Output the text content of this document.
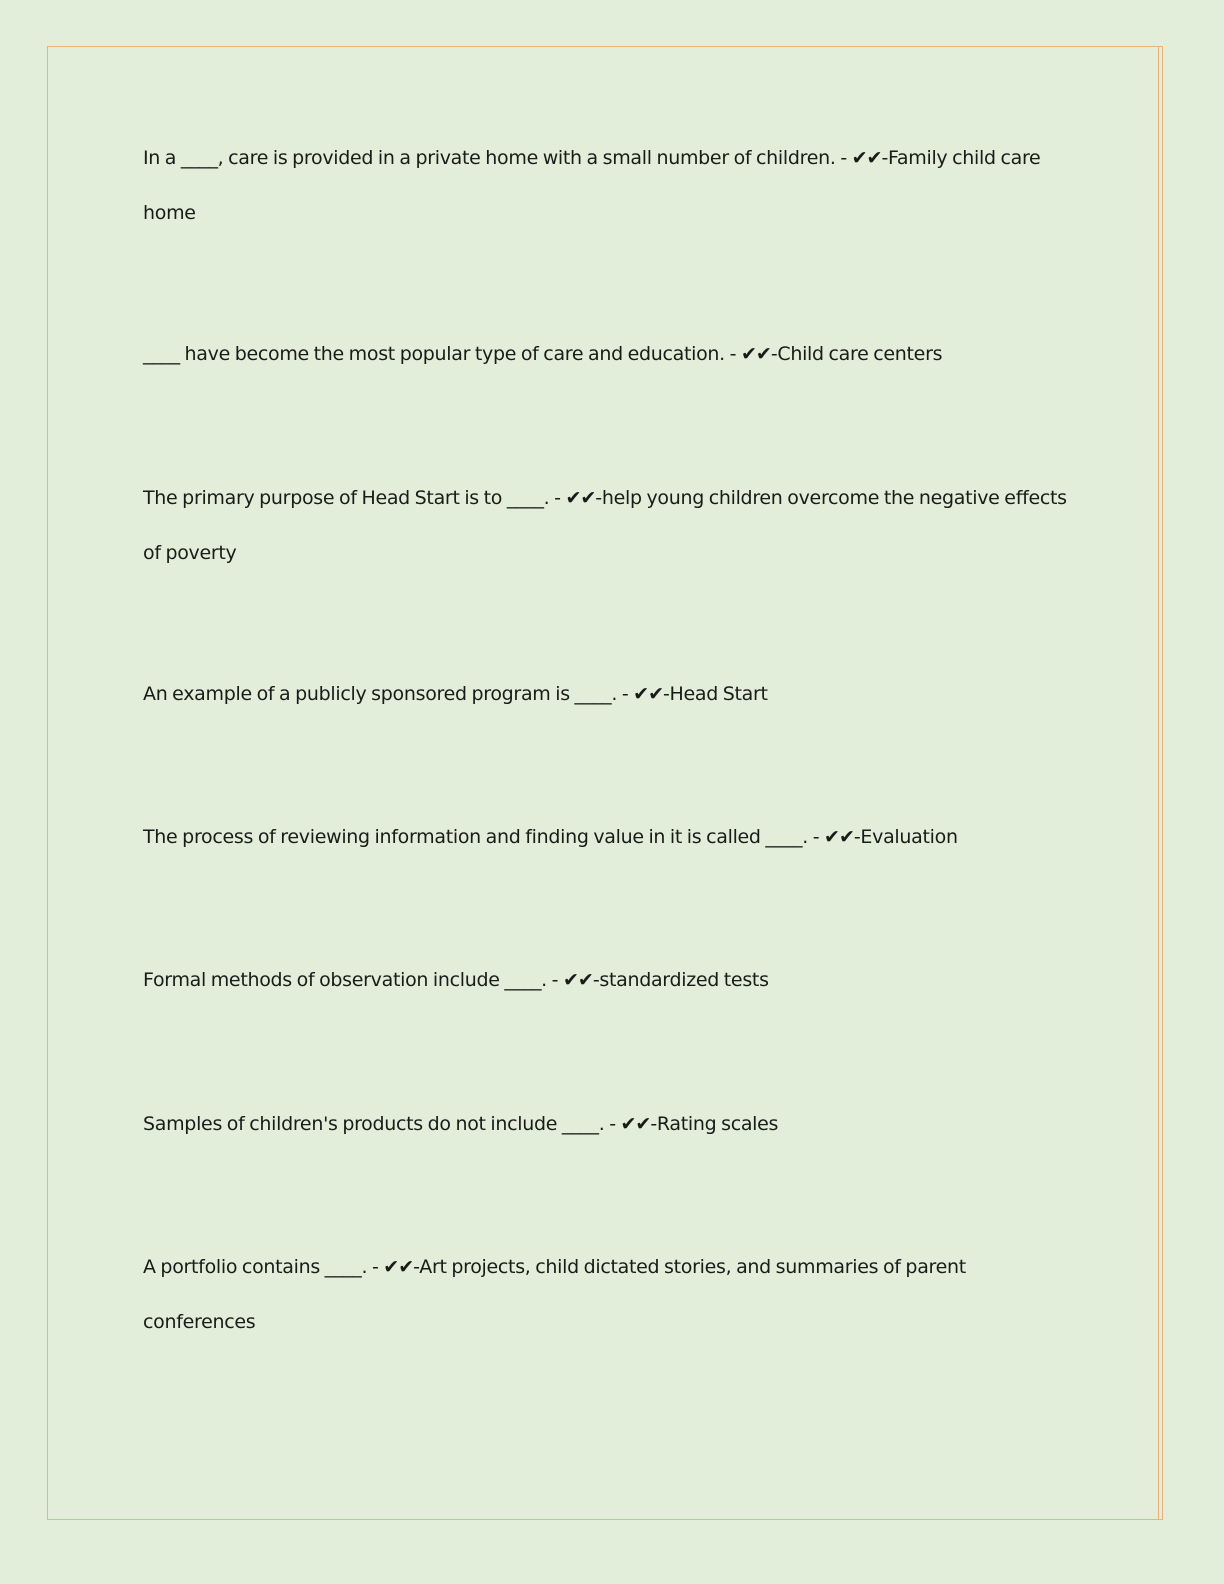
In a ____, care is provided in a private home with a small number of children. - ✔✔-Family child care home
____ have become the most popular type of care and education. - ✔✔-Child care centers
The primary purpose of Head Start is to ____. - ✔✔-help young children overcome the negative effects of poverty
An example of a publicly sponsored program is ____. - ✔✔-Head Start
The process of reviewing information and finding value in it is called ____. - ✔✔-Evaluation
Formal methods of observation include ____. - ✔✔-standardized tests
Samples of children's products do not include ____. - ✔✔-Rating scales
A portfolio contains ____. - ✔✔-Art projects, child dictated stories, and summaries of parent conferences
